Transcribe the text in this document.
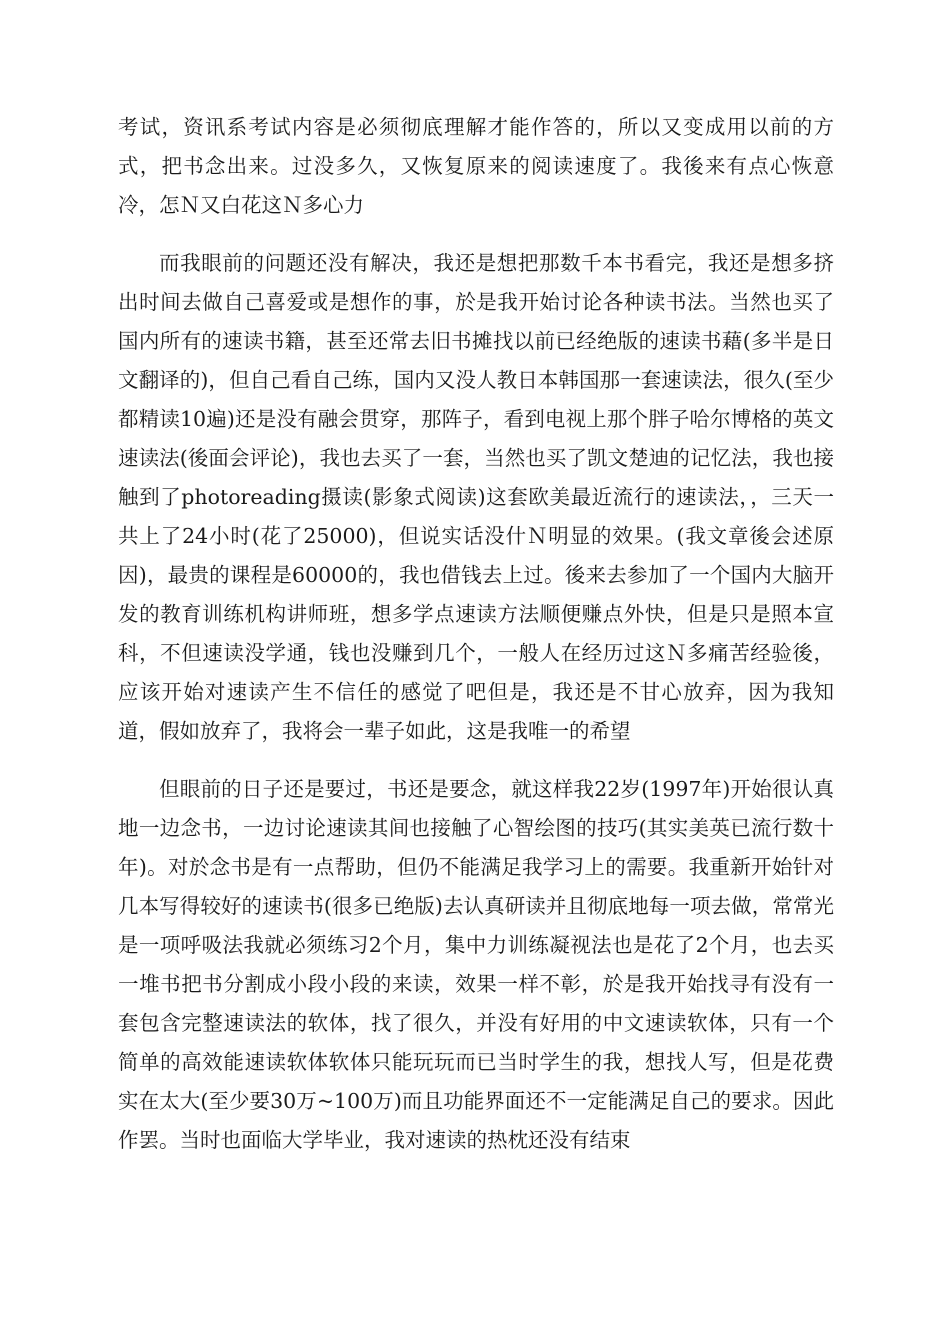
考试，资讯系考试内容是必须彻底理解才能作答的，所以又变成用以前的方式，把书念出来。过没多久，又恢复原来的阅读速度了。我後来有点心恢意冷，怎Ｎ又白花这Ｎ多心力

而我眼前的问题还没有解决，我还是想把那数千本书看完，我还是想多挤出时间去做自己喜爱或是想作的事，於是我开始讨论各种读书法。当然也买了国内所有的速读书籍，甚至还常去旧书摊找以前已经绝版的速读书藉(多半是日文翻译的)，但自己看自己练，国内又没人教日本韩国那一套速读法，很久(至少都精读10遍)还是没有融会贯穿，那阵子，看到电视上那个胖子哈尔博格的英文速读法(後面会评论)，我也去买了一套，当然也买了凯文楚迪的记忆法，我也接触到了photoreading摄读(影象式阅读)这套欧美最近流行的速读法，，三天一共上了24小时(花了25000)，但说实话没什Ｎ明显的效果。(我文章後会述原因)，最贵的课程是60000的，我也借钱去上过。後来去参加了一个国内大脑开发的教育训练机构讲师班，想多学点速读方法顺便赚点外快，但是只是照本宣科，不但速读没学通，钱也没赚到几个，一般人在经历过这Ｎ多痛苦经验後，应该开始对速读产生不信任的感觉了吧但是，我还是不甘心放弃，因为我知道，假如放弃了，我将会一辈子如此，这是我唯一的希望

但眼前的日子还是要过，书还是要念，就这样我22岁(1997年)开始很认真地一边念书，一边讨论速读其间也接触了心智绘图的技巧(其实美英已流行数十年)。对於念书是有一点帮助，但仍不能满足我学习上的需要。我重新开始针对几本写得较好的速读书(很多已绝版)去认真研读并且彻底地每一项去做，常常光是一项呼吸法我就必须练习2个月，集中力训练凝视法也是花了2个月，也去买一堆书把书分割成小段小段的来读，效果一样不彰，於是我开始找寻有没有一套包含完整速读法的软体，找了很久，并没有好用的中文速读软体，只有一个简单的高效能速读软体软体只能玩玩而已当时学生的我，想找人写，但是花费实在太大(至少要30万~100万)而且功能界面还不一定能满足自己的要求。因此作罢。当时也面临大学毕业，我对速读的热枕还没有结束
